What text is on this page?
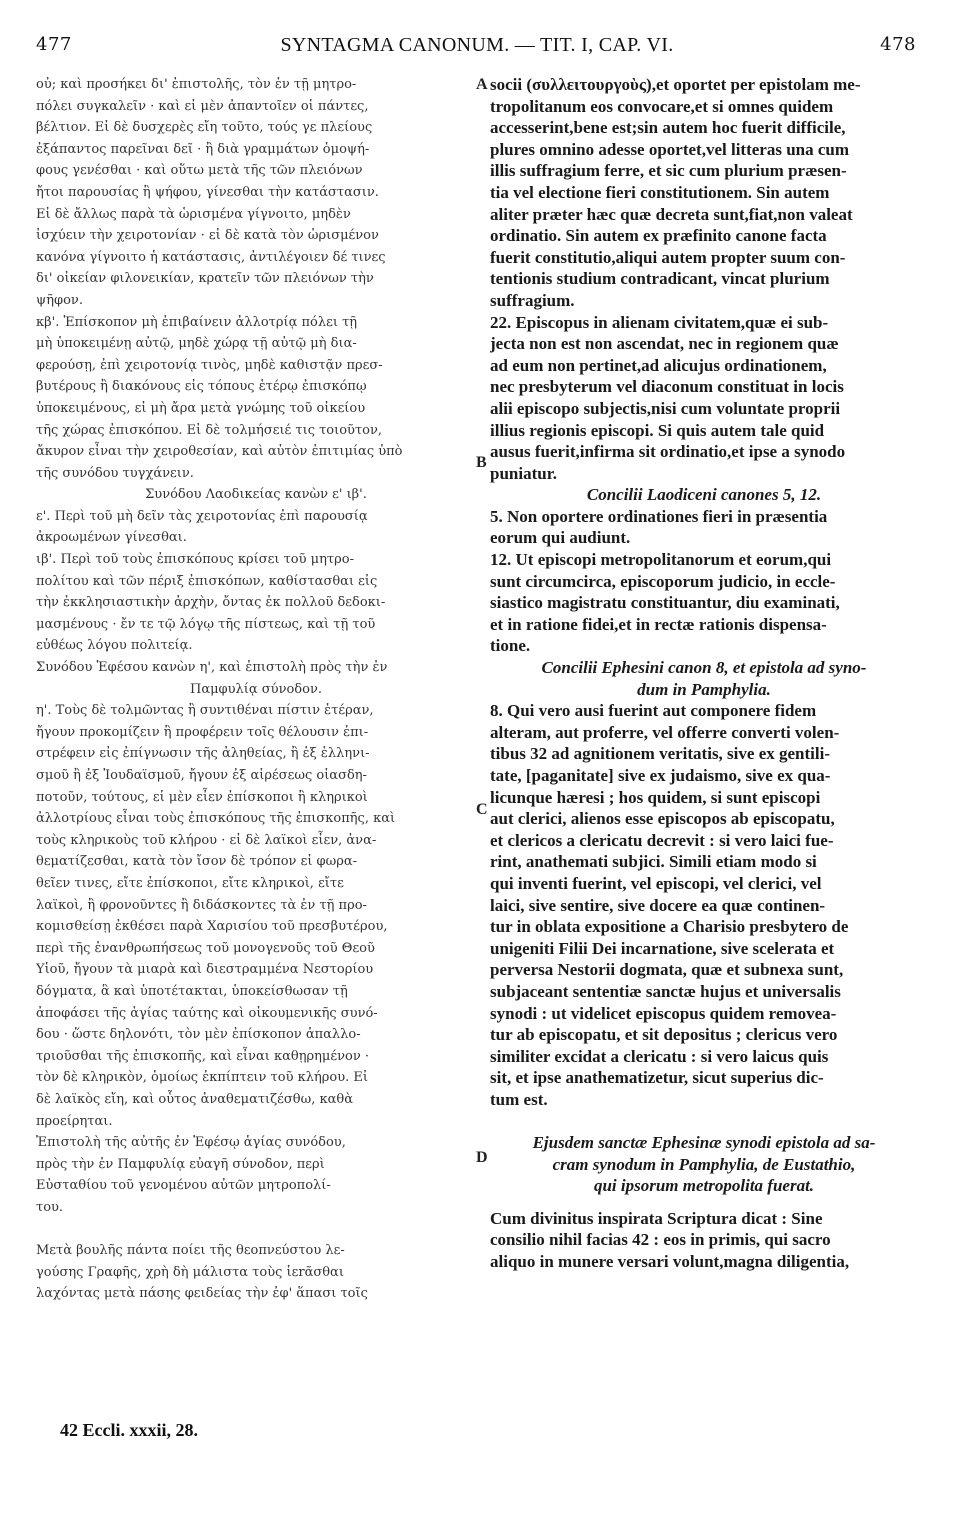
477	SYNTAGMA CANONUM. — TIT. I, CAP. VI.	478
οὐ; καὶ προσήκει δι' ἐπιστολῆς, τὸν ἐν τῇ μητρο-
πόλει συγκαλεῖν · καὶ εἰ μὲν ἀπαντοῖεν οἱ πάντες,
βέλτιον. Εἰ δὲ δυσχερὲς εἴη τοῦτο, τούς γε πλείους
ἐξάπαντος παρεῖναι δεῖ · ἢ διὰ γραμμάτων ὁμοψή-
φους γενέσθαι · καὶ οὕτω μετὰ τῆς τῶν πλειόνων
ἤτοι παρουσίας ἢ ψήφου, γίνεσθαι τὴν κατάστασιν.
Εἰ δὲ ἄλλως παρὰ τὰ ὡρισμένα γίγνοιτο, μηδὲν
ἰσχύειν τὴν χειροτονίαν · εἰ δὲ κατὰ τὸν ὡρισμένον
κανόνα γίγνοιτο ἡ κατάστασις, ἀντιλέγοιεν δέ τινες
δι' οἰκείαν φιλονεικίαν, κρατεῖν τῶν πλειόνων τὴν
ψῆφον.
κβ'. Ἐπίσκοπον μὴ ἐπιβαίνειν ἀλλοτρίᾳ πόλει τῇ
μὴ ὑποκειμένῃ αὐτῷ, μηδὲ χώρᾳ τῇ αὐτῷ μὴ δια-
φερούσῃ, ἐπὶ χειροτονίᾳ τινὸς, μηδὲ καθιστᾷν πρεσ-
βυτέρους ἢ διακόνους εἰς τόπους ἑτέρῳ ἐπισκόπῳ
ὑποκειμένους, εἰ μὴ ἄρα μετὰ γνώμης τοῦ οἰκείου
τῆς χώρας ἐπισκόπου. Εἰ δὲ τολμήσειέ τις τοιοῦτον,
ἄκυρον εἶναι τὴν χειροθεσίαν, καὶ αὐτὸν ἐπιτιμίας ὑπὸ
τῆς συνόδου τυγχάνειν.
Συνόδου Λαοδικείας κανὼν ε' ιβ'.
ε'. Περὶ τοῦ μὴ δεῖν τὰς χειροτονίας ἐπὶ παρουσίᾳ
ἀκροωμένων γίνεσθαι.
ιβ'. Περὶ τοῦ τοὺς ἐπισκόπους κρίσει τοῦ μητρο-
πολίτου καὶ τῶν πέριξ ἐπισκόπων, καθίστασθαι εἰς
τὴν ἐκκλησιαστικὴν ἀρχὴν, ὄντας ἐκ πολλοῦ δεδοκι-
μασμένους · ἔν τε τῷ λόγῳ τῆς πίστεως, καὶ τῇ τοῦ
εὐθέως λόγου πολιτείᾳ.
Συνόδου Ἐφέσου κανὼν η', καὶ ἐπιστολὴ πρὸς τὴν ἐν
Παμφυλίᾳ σύνοδον.
η'. Τοὺς δὲ τολμῶντας ἢ συντιθέναι πίστιν ἑτέραν,
ἤγουν προκομίζειν ἢ προφέρειν τοῖς θέλουσιν ἐπι-
στρέφειν εἰς ἐπίγνωσιν τῆς ἀληθείας, ἢ ἐξ ἑλληνι-
σμοῦ ἢ ἐξ Ἰουδαϊσμοῦ, ἤγουν ἐξ αἱρέσεως οἱασδη-
ποτοῦν, τούτους, εἰ μὲν εἶεν ἐπίσκοποι ἢ κληρικοὶ
ἀλλοτρίους εἶναι τοὺς ἐπισκόπους τῆς ἐπισκοπῆς, καὶ
τοὺς κληρικοὺς τοῦ κλήρου · εἰ δὲ λαϊκοὶ εἶεν, ἀνα-
θεματίζεσθαι, κατὰ τὸν ἴσον δὲ τρόπον εἰ φωρα-
θεῖεν τινες, εἴτε ἐπίσκοποι, εἴτε κληρικοὶ, εἴτε
λαϊκοὶ, ἢ φρονοῦντες ἢ διδάσκοντες τὰ ἐν τῇ προ-
κομισθείσῃ ἐκθέσει παρὰ Χαρισίου τοῦ πρεσβυτέρου,
περὶ τῆς ἐνανθρωπήσεως τοῦ μονογενοῦς τοῦ Θεοῦ
Υἱοῦ, ἤγουν τὰ μιαρὰ καὶ διεστραμμένα Νεστορίου
δόγματα, ἃ καὶ ὑποτέτακται, ὑποκείσθωσαν τῇ
ἀποφάσει τῆς ἁγίας ταύτης καὶ οἰκουμενικῆς συνό-
δου · ὥστε δηλονότι, τὸν μὲν ἐπίσκοπον ἀπαλλο-
τριοῦσθαι τῆς ἐπισκοπῆς, καὶ εἶναι καθῃρημένον ·
τὸν δὲ κληρικὸν, ὁμοίως ἐκπίπτειν τοῦ κλήρου. Εἰ
δὲ λαϊκὸς εἴη, καὶ οὗτος ἀναθεματιζέσθω, καθὰ
προείρηται.
Ἐπιστολὴ τῆς αὐτῆς ἐν Ἐφέσῳ ἁγίας συνόδου,
πρὸς τὴν ἐν Παμφυλίᾳ εὐαγῆ σύνοδον, περὶ
Εὐσταθίου τοῦ γενομένου αὐτῶν μητροπολί-
του.
Μετὰ βουλῆς πάντα ποίει τῆς θεοπνεύστου λε-
γούσης Γραφῆς, χρὴ δὴ μάλιστα τοὺς ἱεrᾶσθαι
λαχόντας μετὰ πάσης φειδείας τὴν ἐφ' ἅπασι τοῖς
socii (συλλειτουργοὺς),et oportet per epistolam me-
tropolitanum eos convocare,et si omnes quidem
accesserint,bene est;sin autem hoc fuerit difficile,
plures omnino adesse oportet,vel litteras una cum
illis suffragium ferre, et sic cum plurium præsen-
tia vel electione fieri constitutionem. Sin autem
aliter præter hæc quæ decreta sunt,fiat,non valeat
ordinatio. Sin autem ex præfinito canone facta
fuerit constitutio,aliqui autem propter suum con-
tentionis studium contradicant, vincat plurium
suffragium.
22. Episcopus in alienam civitatem,quæ ei sub-
jecta non est non ascendat, nec in regionem quæ
ad eum non pertinet,ad alicujus ordinationem,
nec presbyterum vel diaconum constituat in locis
alii episcopo subjectis,nisi cum voluntate proprii
illius regionis episcopi. Si quis autem tale quid
ausus fuerit,infirma sit ordinatio,et ipse a synodo
puniatur.
Concilii Laodiceni canones 5, 12.
5. Non oportere ordinationes fieri in præsentia
eorum qui audiunt.
12. Ut episcopi metropolitanorum et eorum,qui
sunt circumcirca, episcoporum judicio, in eccle-
siastico magistratu constituantur, diu examinati,
et in ratione fidei,et in rectæ rationis dispensa-
tione.
Concilii Ephesini canon 8, et epistola ad syno-
dum in Pamphylia.
8. Qui vero ausi fuerint aut componere fidem
alteram, aut proferre, vel offerre converti volen-
tibus 32 ad agnitionem veritatis, sive ex gentili-
tate, [paganitate] sive ex judaismo, sive ex qua-
licunque hæresi ; hos quidem, si sunt episcopi
aut clerici, alienos esse episcopos ab episcopatu,
et clericos a clericatu decrevit : si vero laici fue-
rint, anathemati subjici. Simili etiam modo si
qui inventi fuerint, vel episcopi, vel clerici, vel
laici, sive sentire, sive docere ea quæ continen-
tur in oblata expositione a Charisio presbytero de
unigeniti Filii Dei incarnatione, sive scelerata et
perversa Nestorii dogmata, quæ et subnexa sunt,
subjaceant sententiæ sanctæ hujus et universalis
synodi : ut videlicet episcopus quidem removea-
tur ab episcopatu, et sit depositus ; clericus vero
similiter excidat a clericatu : si vero laicus quis
sit, et ipse anathematizetur, sicut superius dic-
tum est.
Ejusdem sanctæ Ephesinæ synodi epistola ad sa-
cram synodum in Pamphylia, de Eustathio,
qui ipsorum metropolita fuerat.
Cum divinitus inspirata Scriptura dicat : Sine
consilio nihil facias 42 : eos in primis, qui sacro
aliquo in munere versari volunt,magna diligentia,
A
B
C
D
42 Eccli. xxxii, 28.
